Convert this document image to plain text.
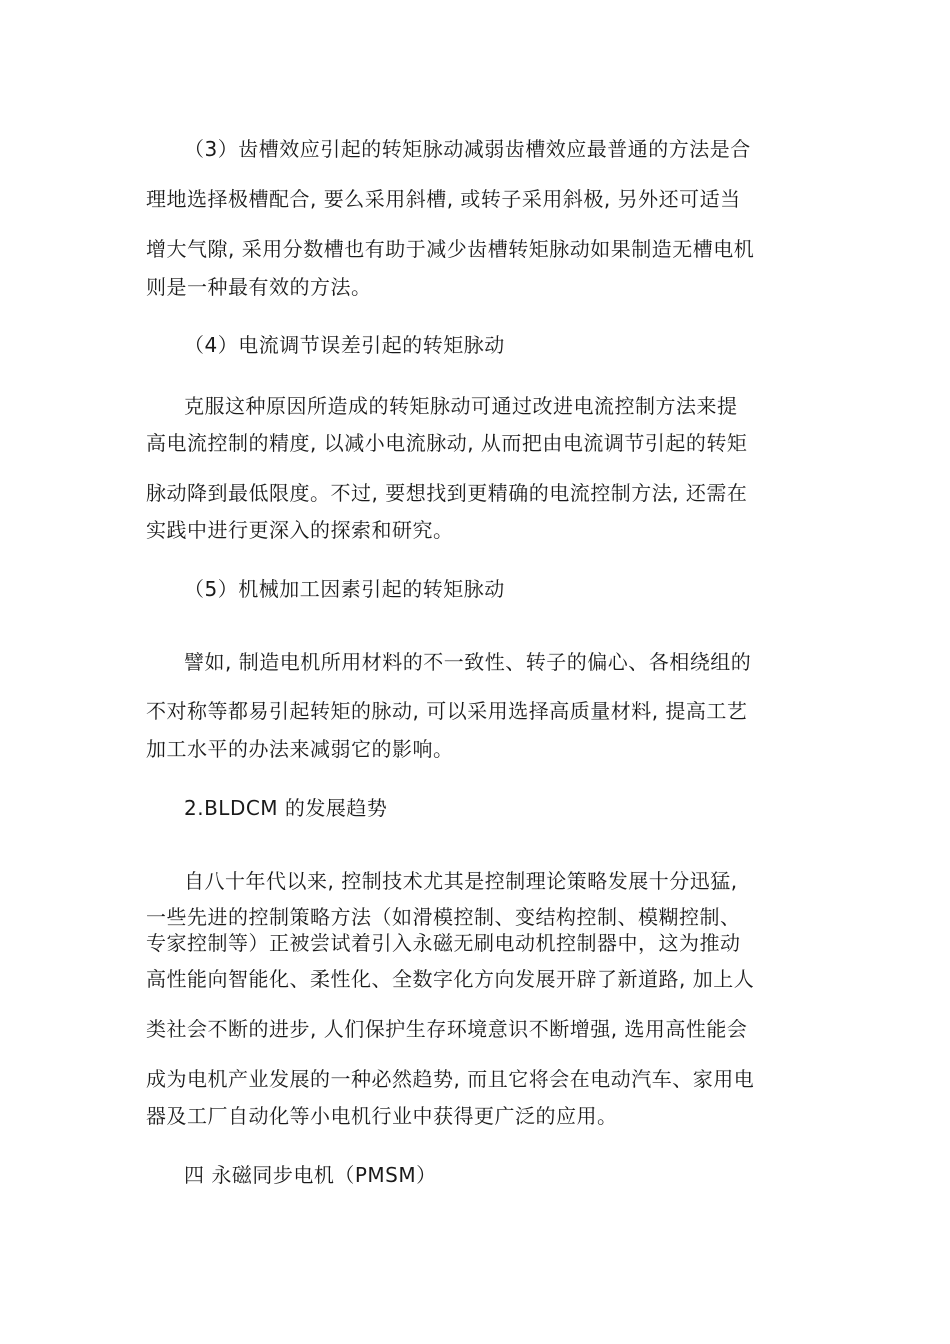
（3）齿槽效应引起的转矩脉动减弱齿槽效应最普通的方法是合
理地选择极槽配合, 要么采用斜槽, 或转子采用斜极, 另外还可适当
增大气隙, 采用分数槽也有助于减少齿槽转矩脉动如果制造无槽电机
则是一种最有效的方法。
（4）电流调节误差引起的转矩脉动
克服这种原因所造成的转矩脉动可通过改进电流控制方法来提
高电流控制的精度, 以减小电流脉动, 从而把由电流调节引起的转矩
脉动降到最低限度。不过, 要想找到更精确的电流控制方法, 还需在
实践中进行更深入的探索和研究。
（5）机械加工因素引起的转矩脉动
譬如, 制造电机所用材料的不一致性、转子的偏心、各相绕组的
不对称等都易引起转矩的脉动, 可以采用选择高质量材料, 提高工艺
加工水平的办法来减弱它的影响。
2.BLDCM 的发展趋势
自八十年代以来, 控制技术尤其是控制理论策略发展十分迅猛,
一些先进的控制策略方法（如滑模控制、变结构控制、模糊控制、
专家控制等）正被尝试着引入永磁无刷电动机控制器中，这为推动
高性能向智能化、柔性化、全数字化方向发展开辟了新道路, 加上人
类社会不断的进步, 人们保护生存环境意识不断增强, 选用高性能会
成为电机产业发展的一种必然趋势, 而且它将会在电动汽车、家用电
器及工厂自动化等小电机行业中获得更广泛的应用。
四 永磁同步电机（PMSM）
